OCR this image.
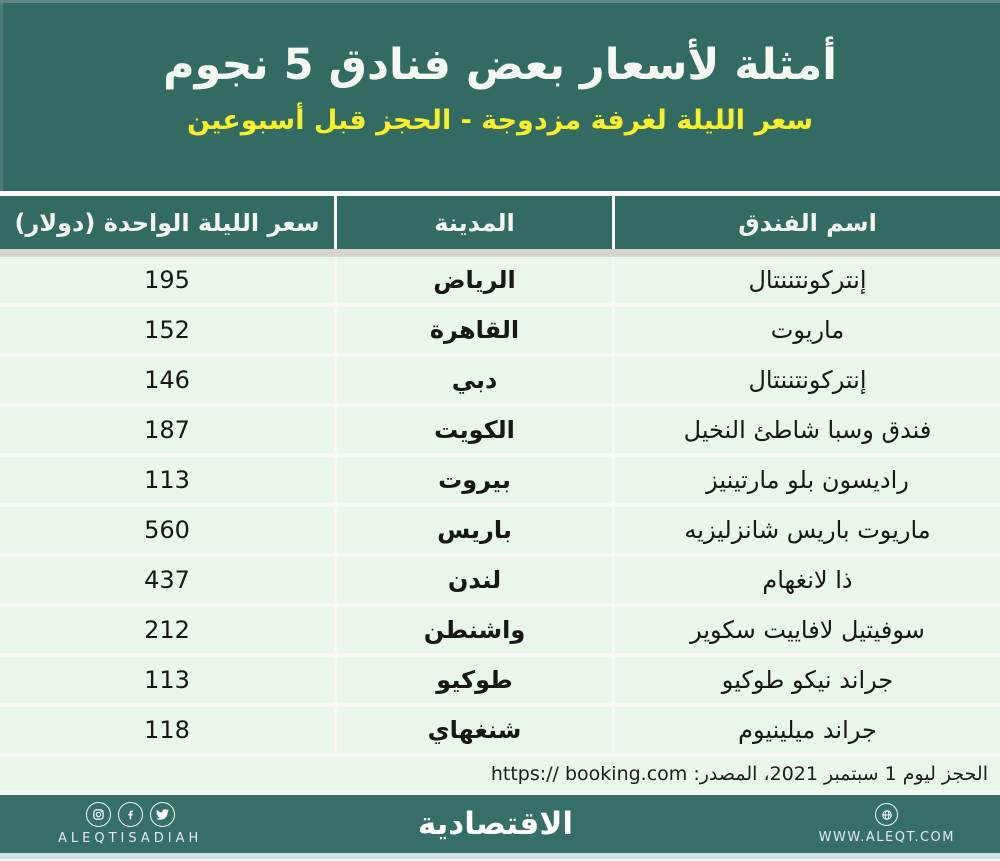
أمثلة لأسعار بعض فنادق 5 نجوم
سعر الليلة لغرفة مزدوجة - الحجز قبل أسبوعين
اسم الفندق
المدينة
سعر الليلة الواحدة (دولار)
إنتركونتننتال
الرياض
195
ماريوت
القاهرة
152
إنتركونتننتال
دبي
146
فندق وسبا شاطئ النخيل
الكويت
187
راديسون بلو مارتينيز
بيروت
113
ماريوت باريس شانزليزيه
باريس
560
ذا لانغهام
لندن
437
سوفيتيل لافاييت سكوير
واشنطن
212
جراند نيكو طوكيو
طوكيو
113
جراند ميلينيوم
شنغهاي
118
الحجز ليوم 1 سبتمبر 2021، المصدر: https:// booking.com
ALEQTISADIAH	الاقتصادية	WWW.ALEQT.COM
